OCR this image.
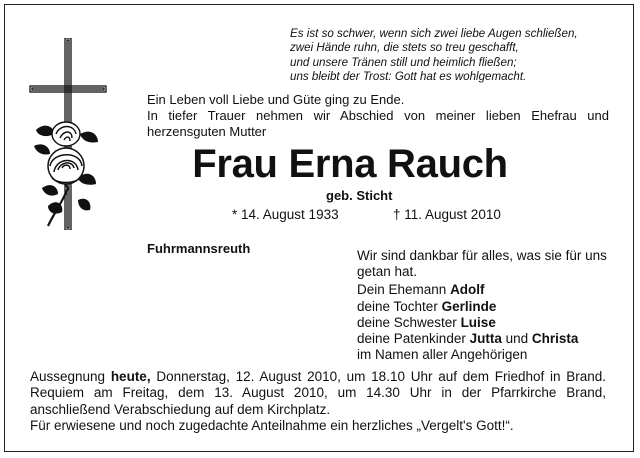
Es ist so schwer, wenn sich zwei liebe Augen schließen,
zwei Hände ruhn, die stets so treu geschafft,
und unsere Tränen still und heimlich fließen;
uns bleibt der Trost: Gott hat es wohlgemacht.
Ein Leben voll Liebe und Güte ging zu Ende.
In tiefer Trauer nehmen wir Abschied von meiner lieben Ehefrau und herzensguten Mutter
Frau Erna Rauch
geb. Sticht
* 14. August 1933	† 11. August 2010
Fuhrmannsreuth	Wir sind dankbar für alles, was sie für uns getan hat.
Dein Ehemann Adolf
deine Tochter Gerlinde
deine Schwester Luise
deine Patenkinder Jutta und Christa
im Namen aller Angehörigen
Aussegnung heute, Donnerstag, 12. August 2010, um 18.10 Uhr auf dem Friedhof in Brand. Requiem am Freitag, dem 13. August 2010, um 14.30 Uhr in der Pfarrkirche Brand, anschließend Verabschiedung auf dem Kirchplatz.
Für erwiesene und noch zugedachte Anteilnahme ein herzliches „Vergelt's Gott!“.
